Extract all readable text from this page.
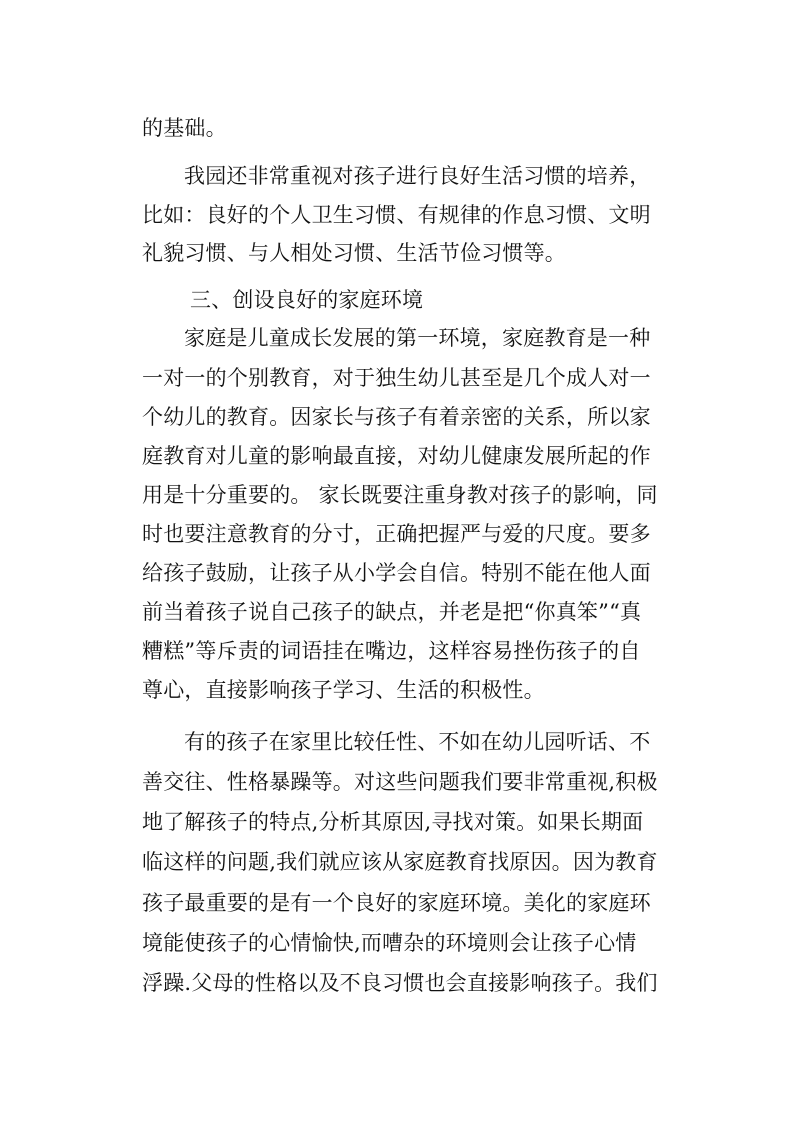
的基础。
我园还非常重视对孩子进行良好生活习惯的培养，
比如：良好的个人卫生习惯、有规律的作息习惯、文明
礼貌习惯、与人相处习惯、生活节俭习惯等。
三、创设良好的家庭环境
家庭是儿童成长发展的第一环境，家庭教育是一种
一对一的个别教育，对于独生幼儿甚至是几个成人对一
个幼儿的教育。因家长与孩子有着亲密的关系，所以家
庭教育对儿童的影响最直接，对幼儿健康发展所起的作
用是十分重要的。 家长既要注重身教对孩子的影响，同
时也要注意教育的分寸，正确把握严与爱的尺度。要多
给孩子鼓励，让孩子从小学会自信。特别不能在他人面
前当着孩子说自己孩子的缺点，并老是把“你真笨”“真
糟糕”等斥责的词语挂在嘴边，这样容易挫伤孩子的自
尊心，直接影响孩子学习、生活的积极性。
有的孩子在家里比较任性、不如在幼儿园听话、不
善交往、性格暴躁等。对这些问题我们要非常重视,积极
地了解孩子的特点,分析其原因,寻找对策。如果长期面
临这样的问题,我们就应该从家庭教育找原因。因为教育
孩子最重要的是有一个良好的家庭环境。美化的家庭环
境能使孩子的心情愉快,而嘈杂的环境则会让孩子心情
浮躁.父母的性格以及不良习惯也会直接影响孩子。我们
